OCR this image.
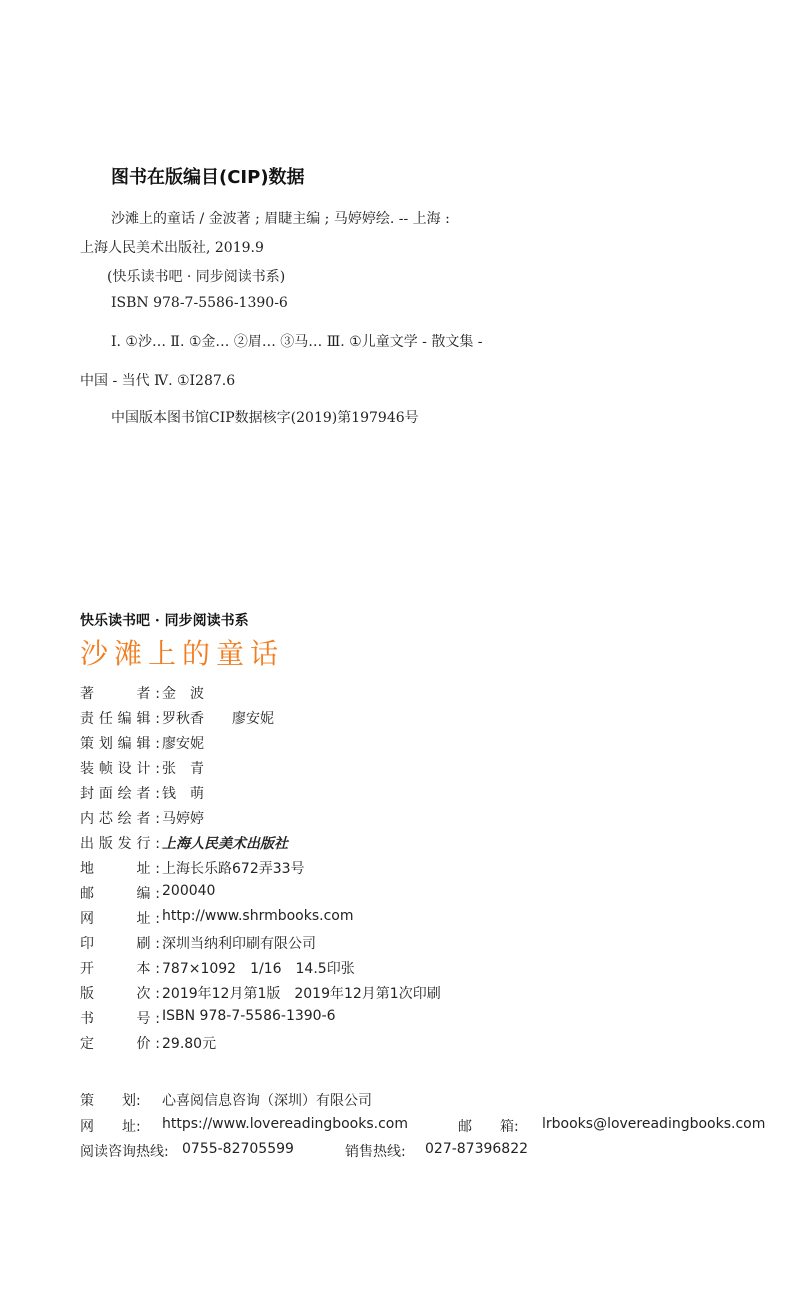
图书在版编目(CIP)数据
沙滩上的童话 / 金波著 ; 眉睫主编 ; 马婷婷绘. -- 上海 :
上海人民美术出版社, 2019.9
(快乐读书吧 · 同步阅读书系)
ISBN 978-7-5586-1390-6
Ⅰ. ①沙… Ⅱ. ①金… ②眉… ③马… Ⅲ. ①儿童文学 - 散文集 -
中国 - 当代 Ⅳ. ①I287.6
中国版本图书馆CIP数据核字(2019)第197946号
快乐读书吧 · 同步阅读书系
沙滩上的童话
著　　者: 金　波
责任编辑: 罗秋香 廖安妮
策划编辑: 廖安妮
装帧设计: 张　青
封面绘者: 钱　萌
内芯绘者: 马婷婷
出版发行: 上海人民美术出版社
地　　址: 上海长乐路672弄33号
邮　　编: 200040
网　　址: http://www.shrmbooks.com
印　　刷: 深圳当纳利印刷有限公司
开　　本: 787×1092　1/16　14.5印张
版　　次: 2019年12月第1版　2019年12月第1次印刷
书　　号: ISBN 978-7-5586-1390-6
定　　价: 29.80元
策　　划: 心喜阅信息咨询（深圳）有限公司
网　　址: https://www.lovereadingbooks.com	邮　　箱: lrbooks@lovereadingbooks.com
阅读咨询热线: 0755-82705599	销售热线: 027-87396822
